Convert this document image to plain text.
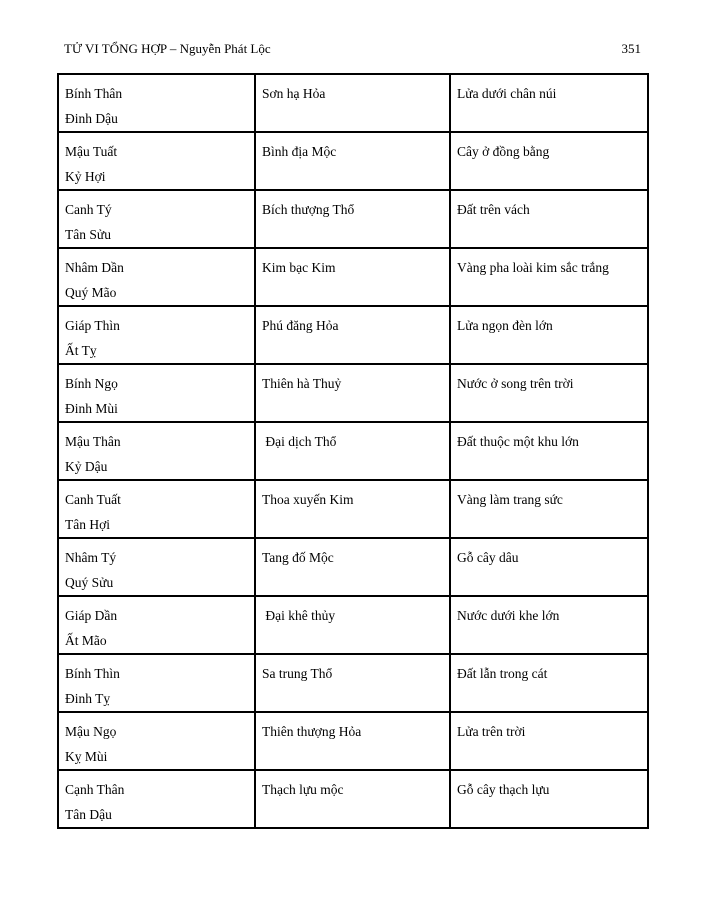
TỬ VI TỔNG HỢP – Nguyễn Phát Lộc	351
Bính Thân
Đinh Dậu	Sơn hạ Hỏa	Lửa dưới chân núi

Mậu Tuất
Kỷ Hợi	Bình địa Mộc	Cây ở đồng bằng

Canh Tý
Tân Sửu	Bích thượng Thổ	Đất trên vách

Nhâm Dần
Quý Mão	Kim bạc Kim	Vàng pha loài kim sắc trắng

Giáp Thìn
Ất Tỵ	Phú đăng Hỏa	Lửa ngọn đèn lớn

Bính Ngọ
Đinh Mùi	Thiên hà Thuỷ	Nước ở song trên trời

Mậu Thân
Kỷ Dậu	Đại dịch Thổ	Đất thuộc một khu lớn

Canh Tuất
Tân Hợi	Thoa xuyến Kim	Vàng làm trang sức

Nhâm Tý
Quý Sửu	Tang đố Mộc	Gỗ cây dâu

Giáp Dần
Ất Mão	Đại khê thủy	Nước dưới khe lớn

Bính Thìn
Đinh Tỵ	Sa trung Thổ	Đất lẫn trong cát

Mậu Ngọ
Kỵ Mùi	Thiên thượng Hỏa	Lửa trên trời

Cạnh Thân
Tân Dậu	Thạch lựu mộc	Gỗ cây thạch lựu
